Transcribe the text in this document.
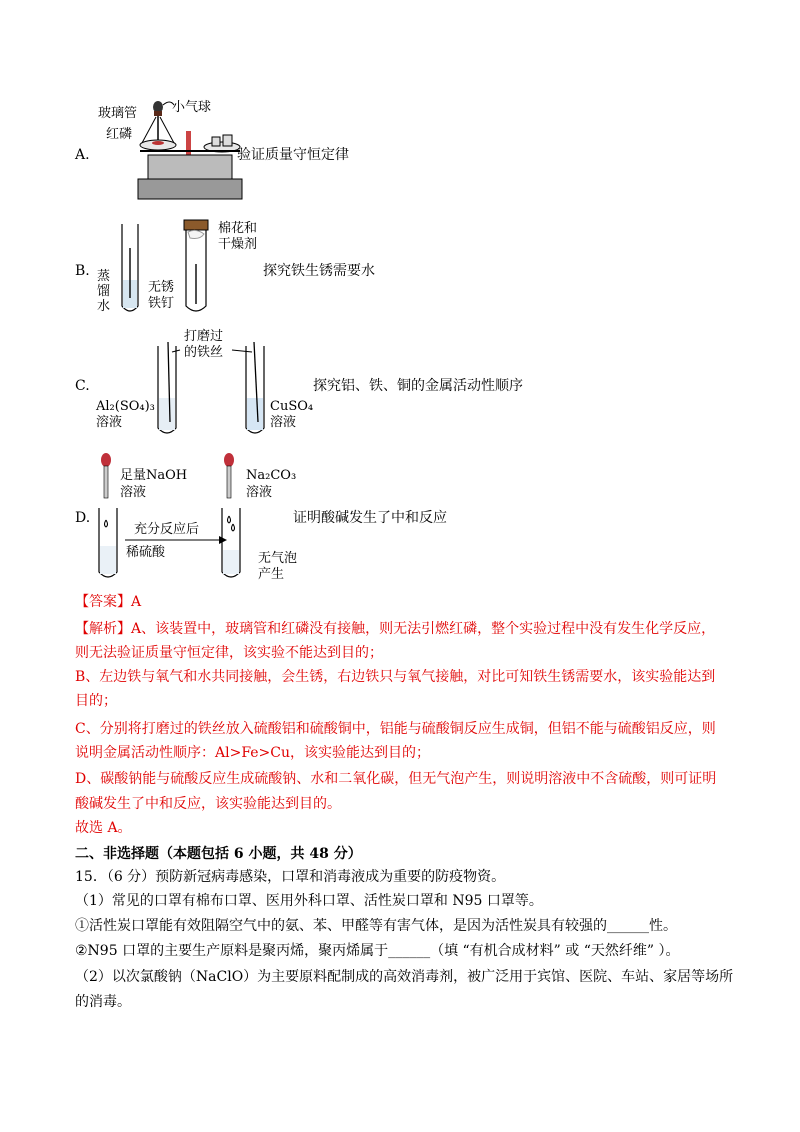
A.
玻璃管	小气球
红磷
验证质量守恒定律
B.
棉花和
干燥剂
蒸
馏
水
无锈
铁钉
探究铁生锈需要水
C.
打磨过
的铁丝
Al₂(SO₄)₃
溶液
CuSO₄
溶液
探究铝、铁、铜的金属活动性顺序
D.
足量NaOH
溶液
Na₂CO₃
溶液
充分反应后
稀硫酸	无气泡
产生
证明酸碱发生了中和反应
【答案】A
【解析】A、该装置中，玻璃管和红磷没有接触，则无法引燃红磷，整个实验过程中没有发生化学反应，
则无法验证质量守恒定律，该实验不能达到目的；
B、左边铁与氧气和水共同接触，会生锈，右边铁只与氧气接触，对比可知铁生锈需要水，该实验能达到
目的；
C、分别将打磨过的铁丝放入硫酸铝和硫酸铜中，铝能与硫酸铜反应生成铜，但铝不能与硫酸铝反应，则
说明金属活动性顺序：Al>Fe>Cu，该实验能达到目的；
D、碳酸钠能与硫酸反应生成硫酸钠、水和二氧化碳，但无气泡产生，则说明溶液中不含硫酸，则可证明
酸碱发生了中和反应，该实验能达到目的。
故选 A。
二、非选择题（本题包括 6 小题，共 48 分）
15．（6 分）预防新冠病毒感染，口罩和消毒液成为重要的防疫物资。
（1）常见的口罩有棉布口罩、医用外科口罩、活性炭口罩和 N95 口罩等。
①活性炭口罩能有效阻隔空气中的氨、苯、甲醛等有害气体，是因为活性炭具有较强的______性。
②N95 口罩的主要生产原料是聚丙烯，聚丙烯属于______（填 “有机合成材料” 或 “天然纤维” ）。
（2）以次氯酸钠（NaClO）为主要原料配制成的高效消毒剂，被广泛用于宾馆、医院、车站、家居等场所
的消毒。
